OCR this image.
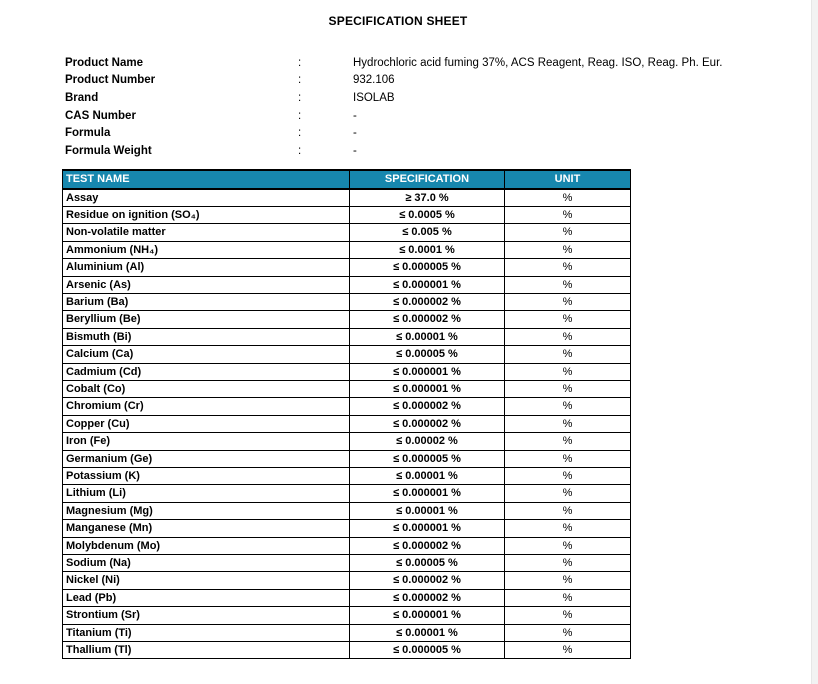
SPECIFICATION SHEET
Product Name	:	Hydrochloric acid fuming 37%, ACS Reagent, Reag. ISO, Reag. Ph. Eur.
Product Number	:	932.106
Brand	:	ISOLAB
CAS Number	:	-
Formula	:	-
Formula Weight	:	-
TEST NAME	SPECIFICATION	UNIT
Assay	≥ 37.0 %	%
Residue on ignition (SO₄)	≤ 0.0005 %	%
Non-volatile matter	≤ 0.005 %	%
Ammonium (NH₄)	≤ 0.0001 %	%
Aluminium (Al)	≤ 0.000005 %	%
Arsenic (As)	≤ 0.000001 %	%
Barium (Ba)	≤ 0.000002 %	%
Beryllium (Be)	≤ 0.000002 %	%
Bismuth (Bi)	≤ 0.00001 %	%
Calcium (Ca)	≤ 0.00005 %	%
Cadmium (Cd)	≤ 0.000001 %	%
Cobalt (Co)	≤ 0.000001 %	%
Chromium (Cr)	≤ 0.000002 %	%
Copper (Cu)	≤ 0.000002 %	%
Iron (Fe)	≤ 0.00002 %	%
Germanium (Ge)	≤ 0.000005 %	%
Potassium (K)	≤ 0.00001 %	%
Lithium (Li)	≤ 0.000001 %	%
Magnesium (Mg)	≤ 0.00001 %	%
Manganese (Mn)	≤ 0.000001 %	%
Molybdenum (Mo)	≤ 0.000002 %	%
Sodium (Na)	≤ 0.00005 %	%
Nickel (Ni)	≤ 0.000002 %	%
Lead (Pb)	≤ 0.000002 %	%
Strontium (Sr)	≤ 0.000001 %	%
Titanium (Ti)	≤ 0.00001 %	%
Thallium (Tl)	≤ 0.000005 %	%
